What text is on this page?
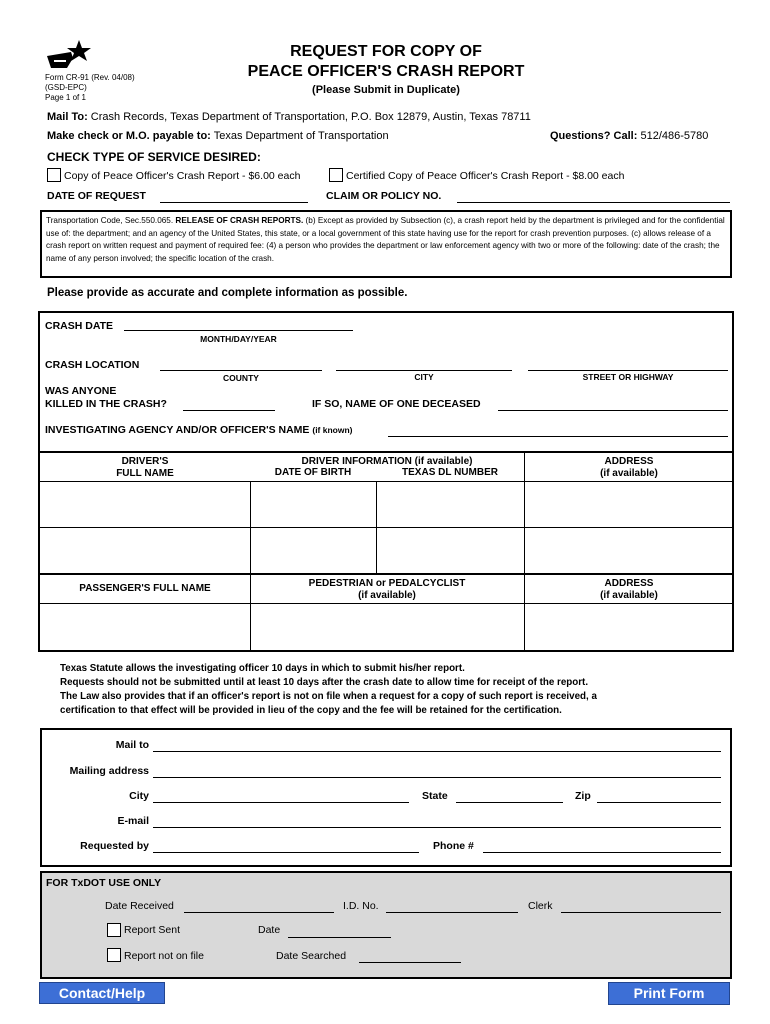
Form CR-91 (Rev. 04/08)
(GSD-EPC)
Page 1 of 1
REQUEST FOR COPY OF
PEACE OFFICER'S CRASH REPORT
(Please Submit in Duplicate)
Mail To: Crash Records, Texas Department of Transportation, P.O. Box 12879, Austin, Texas 78711
Make check or M.O. payable to: Texas Department of Transportation	Questions? Call: 512/486-5780
CHECK TYPE OF SERVICE DESIRED:
Copy of Peace Officer's Crash Report - $6.00 each	Certified Copy of Peace Officer's Crash Report - $8.00 each
DATE OF REQUEST	CLAIM OR POLICY NO.
Transportation Code, Sec.550.065. RELEASE OF CRASH REPORTS. (b) Except as provided by Subsection (c), a crash report held by the department is privileged and for the confidential use of: the department; and an agency of the United States, this state, or a local government of this state having use for the report for crash prevention purposes. (c) allows release of a crash report on written request and payment of required fee: (4) a person who provides the department or law enforcement agency with two or more of the following: date of the crash; the name of any person involved; the specific location of the crash.
Please provide as accurate and complete information as possible.
CRASH DATE
MONTH/DAY/YEAR
CRASH LOCATION
COUNTY	CITY	STREET OR HIGHWAY
WAS ANYONE
KILLED IN THE CRASH?	IF SO, NAME OF ONE DECEASED
INVESTIGATING AGENCY AND/OR OFFICER'S NAME (if known)
DRIVER'S
FULL NAME
DRIVER INFORMATION (if available)
DATE OF BIRTH	TEXAS DL NUMBER
ADDRESS
(if available)
PASSENGER'S FULL NAME	PEDESTRIAN or PEDALCYCLIST
(if available)
ADDRESS
(if available)
Texas Statute allows the investigating officer 10 days in which to submit his/her report.
Requests should not be submitted until at least 10 days after the crash date to allow time for receipt of the report.
The Law also provides that if an officer's report is not on file when a request for a copy of such report is received, a
certification to that effect will be provided in lieu of the copy and the fee will be retained for the certification.
Mail to
Mailing address
City	State	Zip
E-mail
Requested by	Phone #
FOR TxDOT USE ONLY
Date Received	I.D. No.	Clerk
Report Sent	Date
Report not on file	Date Searched
Contact/Help	Print Form
